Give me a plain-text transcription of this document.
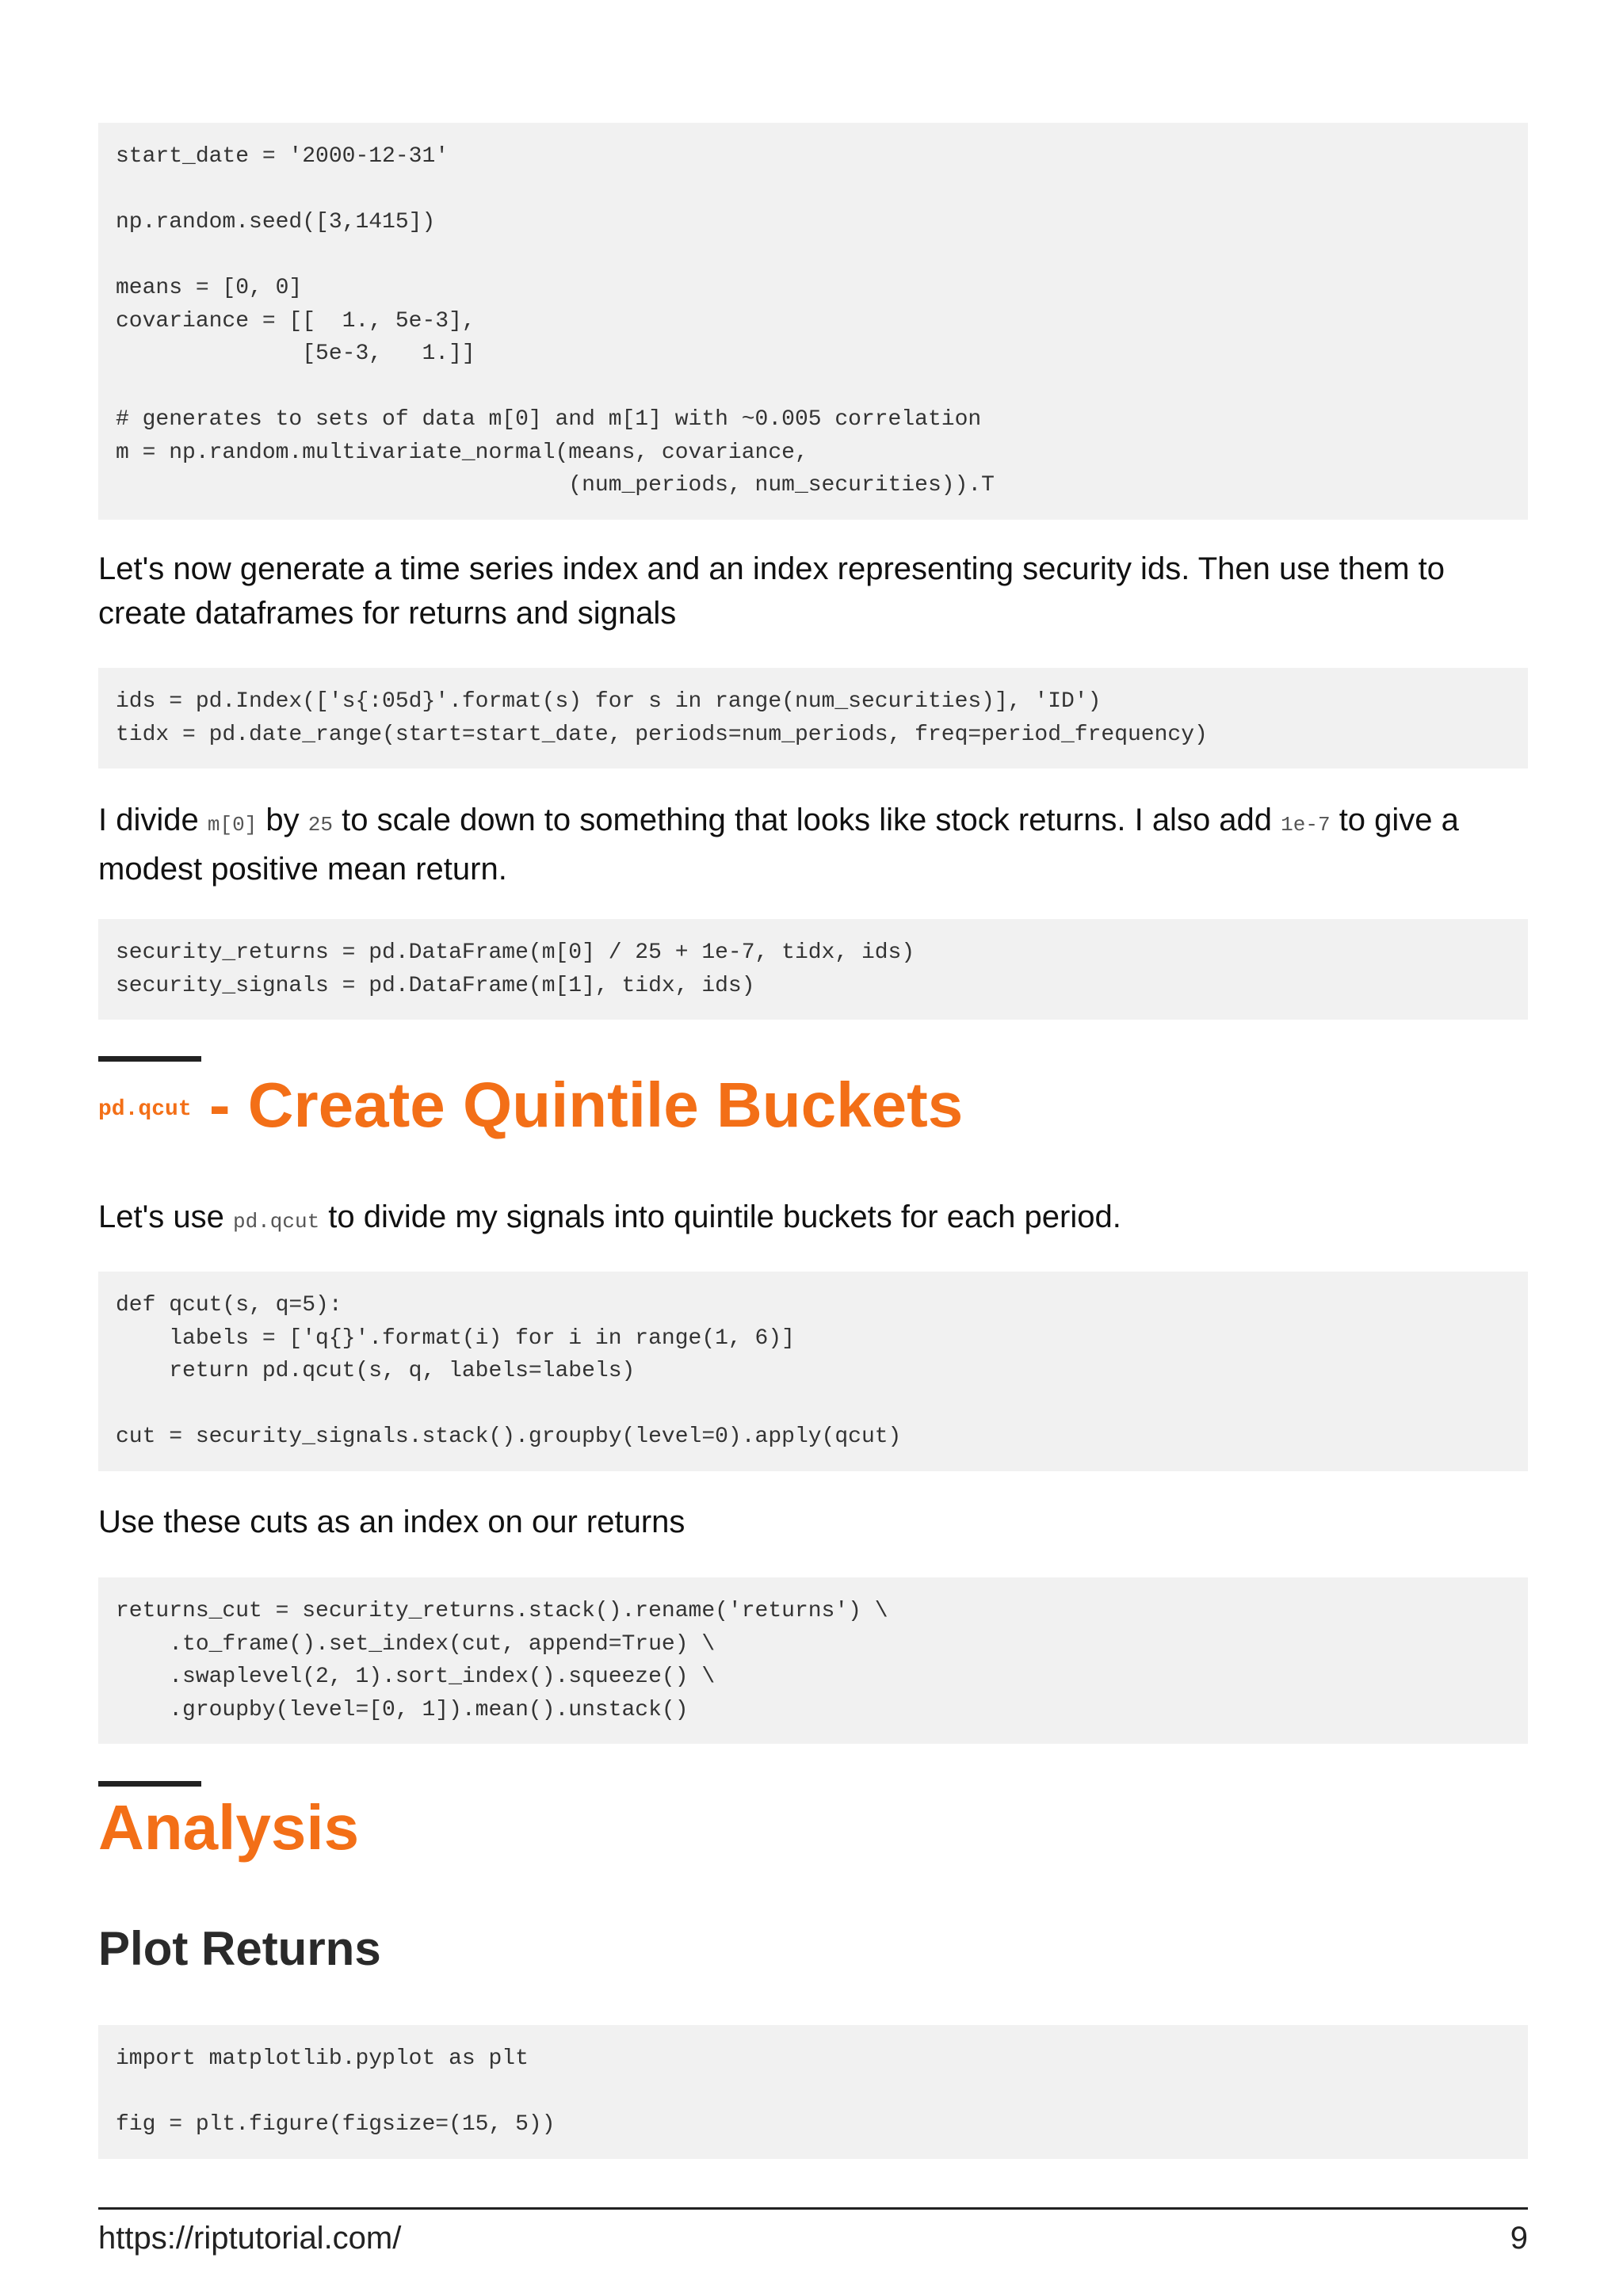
start_date = '2000-12-31'

np.random.seed([3,1415])

means = [0, 0]
covariance = [[  1., 5e-3],
[5e-3,   1.]]

# generates to sets of data m[0] and m[1] with ~0.005 correlation
m = np.random.multivariate_normal(means, covariance,
(num_periods, num_securities)).T

Let's now generate a time series index and an index representing security ids. Then use them to create dataframes for returns and signals

ids = pd.Index(['s{:05d}'.format(s) for s in range(num_securities)], 'ID')
tidx = pd.date_range(start=start_date, periods=num_periods, freq=period_frequency)

I divide m[0] by 25 to scale down to something that looks like stock returns. I also add 1e-7 to give a modest positive mean return.

security_returns = pd.DataFrame(m[0] / 25 + 1e-7, tidx, ids)
security_signals = pd.DataFrame(m[1], tidx, ids)
pd.qcut - Create Quintile Buckets

Let's use pd.qcut to divide my signals into quintile buckets for each period.

def qcut(s, q=5):
labels = ['q{}'.format(i) for i in range(1, 6)]
return pd.qcut(s, q, labels=labels)

cut = security_signals.stack().groupby(level=0).apply(qcut)

Use these cuts as an index on our returns

returns_cut = security_returns.stack().rename('returns') \
.to_frame().set_index(cut, append=True) \
.swaplevel(2, 1).sort_index().squeeze() \
.groupby(level=[0, 1]).mean().unstack()
Analysis
Plot Returns
import matplotlib.pyplot as plt

fig = plt.figure(figsize=(15, 5))
https://riptutorial.com/	9
